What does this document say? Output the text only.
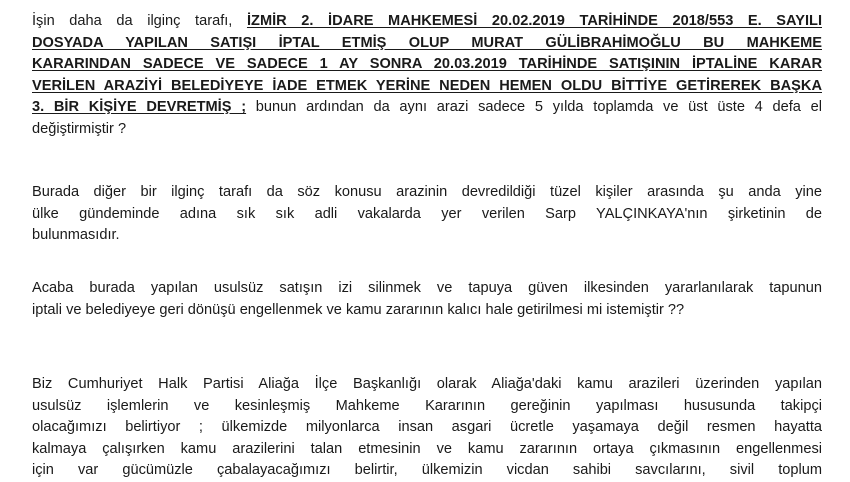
İşin daha da ilginç tarafı, İZMİR 2. İDARE MAHKEMESİ 20.02.2019 TARİHİNDE 2018/553 E. SAYILI
DOSYADA YAPILAN SATIŞI İPTAL ETMİŞ OLUP MURAT GÜLİBRAHİMOĞLU BU MAHKEME
KARARINDAN SADECE VE SADECE 1 AY SONRA 20.03.2019 TARİHİNDE SATIŞININ İPTALİNE KARAR
VERİLEN ARAZİYİ BELEDİYEYE İADE ETMEK YERİNE NEDEN HEMEN OLDU BİTTİYE GETİREREK BAŞKA
3. BİR KİŞİYE DEVRETMİŞ ; bunun ardından da aynı arazi sadece 5 yılda toplamda ve üst üste 4 defa el
değiştirmiştir ?
Burada diğer bir ilginç tarafı da söz konusu arazinin devredildiği tüzel kişiler arasında şu anda yine
ülke gündeminde adına sık sık adli vakalarda yer verilen Sarp YALÇINKAYA'nın şirketinin de
bulunmasıdır.
Acaba burada yapılan usulsüz satışın izi silinmek ve tapuya güven ilkesinden yararlanılarak tapunun
iptali ve belediyeye geri dönüşü engellenmek ve kamu zararının kalıcı hale getirilmesi mi istemiştir ??
Biz Cumhuriyet Halk Partisi Aliağa İlçe Başkanlığı olarak Aliağa'daki kamu arazileri üzerinden yapılan
usulsüz işlemlerin ve kesinleşmiş Mahkeme Kararının gereğinin yapılması hususunda takipçi
olacağımızı belirtiyor ; ülkemizde milyonlarca insan asgari ücretle yaşamaya değil resmen hayatta
kalmaya çalışırken kamu arazilerini talan etmesinin ve kamu zararının ortaya çıkmasının engellenmesi
için var gücümüzle çabalayacağımızı belirtir, ülkemizin vicdan sahibi savcılarını, sivil toplum
